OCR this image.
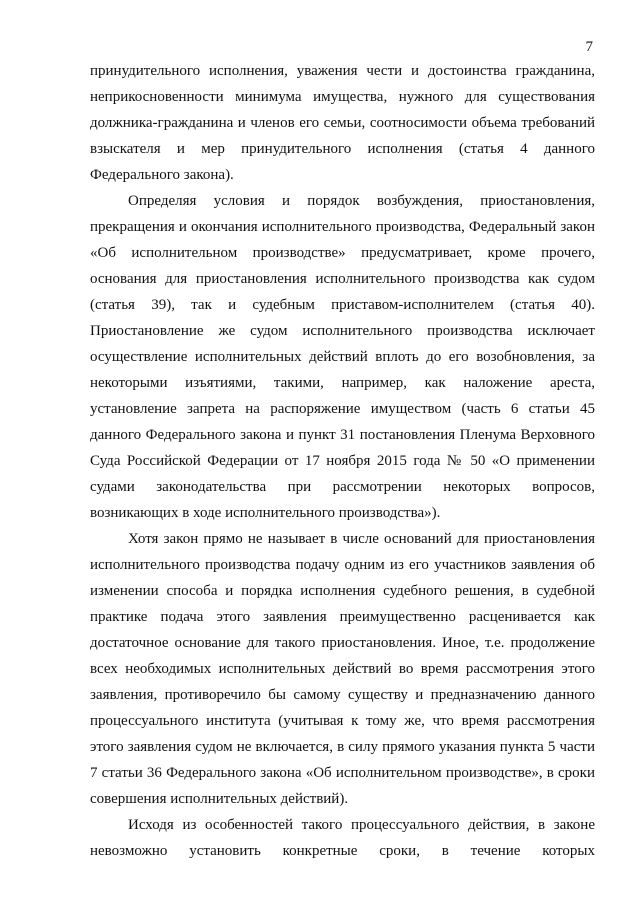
7

принудительного исполнения, уважения чести и достоинства гражданина, неприкосновенности минимума имущества, нужного для существования должника-гражданина и членов его семьи, соотносимости объема требований взыскателя и мер принудительного исполнения (статья 4 данного Федерального закона).

Определяя условия и порядок возбуждения, приостановления, прекращения и окончания исполнительного производства, Федеральный закон «Об исполнительном производстве» предусматривает, кроме прочего, основания для приостановления исполнительного производства как судом (статья 39), так и судебным приставом-исполнителем (статья 40). Приостановление же судом исполнительного производства исключает осуществление исполнительных действий вплоть до его возобновления, за некоторыми изъятиями, такими, например, как наложение ареста, установление запрета на распоряжение имуществом (часть 6 статьи 45 данного Федерального закона и пункт 31 постановления Пленума Верховного Суда Российской Федерации от 17 ноября 2015 года № 50 «О применении судами законодательства при рассмотрении некоторых вопросов, возникающих в ходе исполнительного производства»).

Хотя закон прямо не называет в числе оснований для приостановления исполнительного производства подачу одним из его участников заявления об изменении способа и порядка исполнения судебного решения, в судебной практике подача этого заявления преимущественно расценивается как достаточное основание для такого приостановления. Иное, т.е. продолжение всех необходимых исполнительных действий во время рассмотрения этого заявления, противоречило бы самому существу и предназначению данного процессуального института (учитывая к тому же, что время рассмотрения этого заявления судом не включается, в силу прямого указания пункта 5 части 7 статьи 36 Федерального закона «Об исполнительном производстве», в сроки совершения исполнительных действий).

Исходя из особенностей такого процессуального действия, в законе невозможно установить конкретные сроки, в течение которых
